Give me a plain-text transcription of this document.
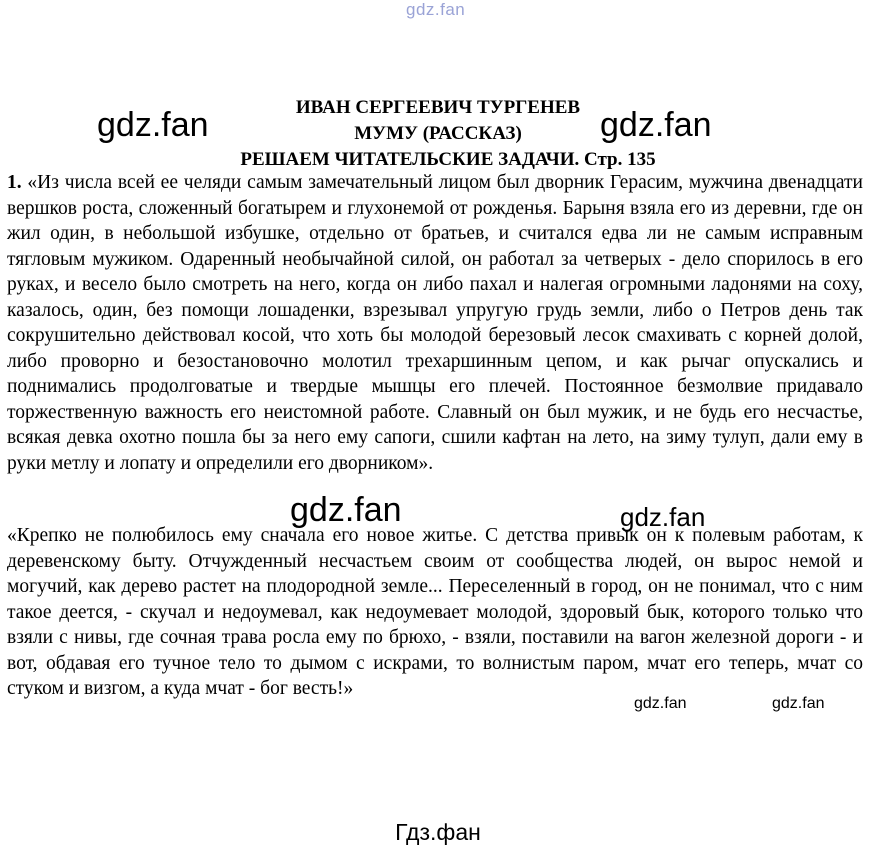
gdz.fan
ИВАН СЕРГЕЕВИЧ ТУРГЕНЕВ
МУМУ (РАССКАЗ)
РЕШАЕМ ЧИТАТЕЛЬСКИЕ ЗАДАЧИ. Стр. 135
gdz.fan	gdz.fan
1. «Из числа всей ее челяди самым замечательный лицом был дворник Герасим, мужчина двенадцати вершков роста, сложенный богатырем и глухонемой от рожденья. Барыня взяла его из деревни, где он жил один, в небольшой избушке, отдельно от братьев, и считался едва ли не самым исправным тягловым мужиком. Одаренный необычайной силой, он работал за четверых - дело спорилось в его руках, и весело было смотреть на него, когда он либо пахал и налегая огромными ладонями на соху, казалось, один, без помощи лошаденки, взрезывал упругую грудь земли, либо о Петров день так сокрушительно действовал косой, что хоть бы молодой березовый лесок смахивать с корней долой, либо проворно и безостановочно молотил трехаршинным цепом, и как рычаг опускались и поднимались продолговатые и твердые мышцы его плечей. Постоянное безмолвие придавало торжественную важность его неистомной работе. Славный он был мужик, и не будь его несчастье, всякая девка охотно пошла бы за него ему сапоги, сшили кафтан на лето, на зиму тулуп, дали ему в руки метлу и лопату и определили его дворником».
gdz.fan	gdz.fan
«Крепко не полюбилось ему сначала его новое житье. С детства привык он к полевым работам, к деревенскому быту. Отчужденный несчастьем своим от сообщества людей, он вырос немой и могучий, как дерево растет на плодородной земле... Переселенный в город, он не понимал, что с ним такое деется, - скучал и недоумевал, как недоумевает молодой, здоровый бык, которого только что взяли с нивы, где сочная трава росла ему по брюхо, - взяли, поставили на вагон железной дороги - и вот, обдавая его тучное тело то дымом с искрами, то волнистым паром, мчат его теперь, мчат со стуком и визгом, а куда мчат - бог весть!»
gdz.fan	gdz.fan
Гдз.фан
